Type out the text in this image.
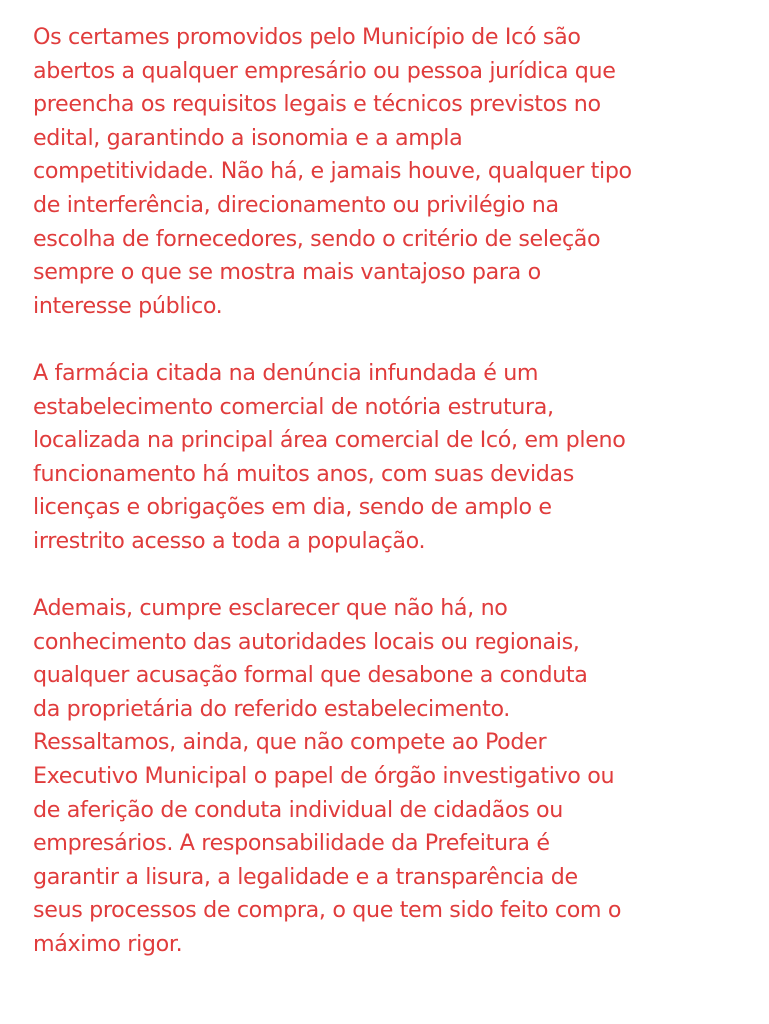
Os certames promovidos pelo Município de Icó são
abertos a qualquer empresário ou pessoa jurídica que
preencha os requisitos legais e técnicos previstos no
edital, garantindo a isonomia e a ampla
competitividade. Não há, e jamais houve, qualquer tipo
de interferência, direcionamento ou privilégio na
escolha de fornecedores, sendo o critério de seleção
sempre o que se mostra mais vantajoso para o
interesse público.

A farmácia citada na denúncia infundada é um
estabelecimento comercial de notória estrutura,
localizada na principal área comercial de Icó, em pleno
funcionamento há muitos anos, com suas devidas
licenças e obrigações em dia, sendo de amplo e
irrestrito acesso a toda a população.

Ademais, cumpre esclarecer que não há, no
conhecimento das autoridades locais ou regionais,
qualquer acusação formal que desabone a conduta
da proprietária do referido estabelecimento.
Ressaltamos, ainda, que não compete ao Poder
Executivo Municipal o papel de órgão investigativo ou
de aferição de conduta individual de cidadãos ou
empresários. A responsabilidade da Prefeitura é
garantir a lisura, a legalidade e a transparência de
seus processos de compra, o que tem sido feito com o
máximo rigor.
